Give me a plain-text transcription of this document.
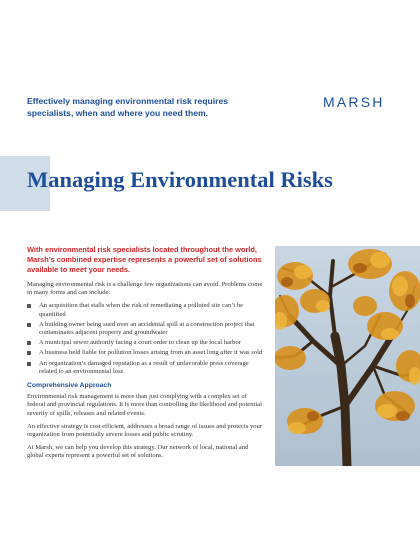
Effectively managing environmental risk requires specialists, when and where you need them.
MARSH
Managing Environmental Risks
With environmental risk specialists located throughout the world, Marsh’s combined expertise represents a powerful set of solutions available to meet your needs.

Managing environmental risk is a challenge few organizations can avoid. Problems come in many forms and can include:

An acquisition that stalls when the risk of remediating a polluted site can’t be quantified
A building owner being sued over an accidental spill at a construction project that contaminates adjacent property and groundwater
A municipal sewer authority facing a court order to clean up the local harbor
A business held liable for pollution losses arising from an asset long after it was sold
An organization’s damaged reputation as a result of unfavorable press coverage related to an environmental loss
Comprehensive Approach

Environmental risk management is more than just complying with a complex set of federal and provincial regulations. It is more than controlling the likelihood and potential severity of spills, releases and related events.

An effective strategy is cost efficient, addresses a broad range of issues and protects your organization from potentially severe losses and public scrutiny.

At Marsh, we can help you develop this strategy. Our network of local, national and global experts represent a powerful set of solutions.
